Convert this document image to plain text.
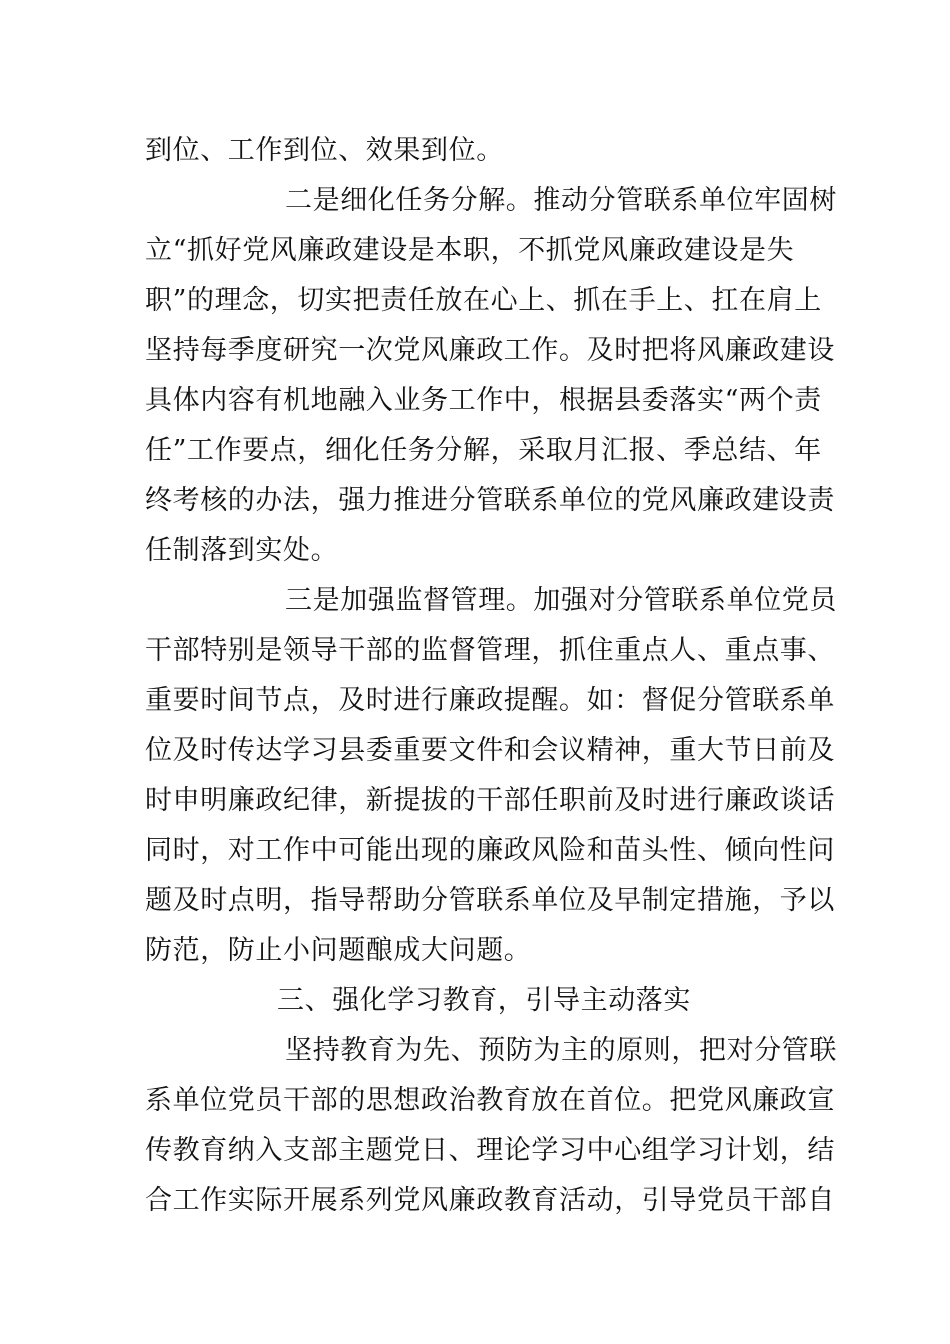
到位、工作到位、效果到位。

二是细化任务分解。推动分管联系单位牢固树

立“抓好党风廉政建设是本职，不抓党风廉政建设是失

职”的理念，切实把责任放在心上、抓在手上、扛在肩上

坚持每季度研究一次党风廉政工作。及时把将风廉政建设

具体内容有机地融入业务工作中，根据县委落实“两个责

任”工作要点，细化任务分解，采取月汇报、季总结、年

终考核的办法，强力推进分管联系单位的党风廉政建设责

任制落到实处。

三是加强监督管理。加强对分管联系单位党员

干部特别是领导干部的监督管理，抓住重点人、重点事、

重要时间节点，及时进行廉政提醒。如：督促分管联系单

位及时传达学习县委重要文件和会议精神，重大节日前及

时申明廉政纪律，新提拔的干部任职前及时进行廉政谈话

同时，对工作中可能出现的廉政风险和苗头性、倾向性问

题及时点明，指导帮助分管联系单位及早制定措施，予以

防范，防止小问题酿成大问题。

三、强化学习教育，引导主动落实

坚持教育为先、预防为主的原则，把对分管联

系单位党员干部的思想政治教育放在首位。把党风廉政宣

传教育纳入支部主题党日、理论学习中心组学习计划，结

合工作实际开展系列党风廉政教育活动，引导党员干部自
